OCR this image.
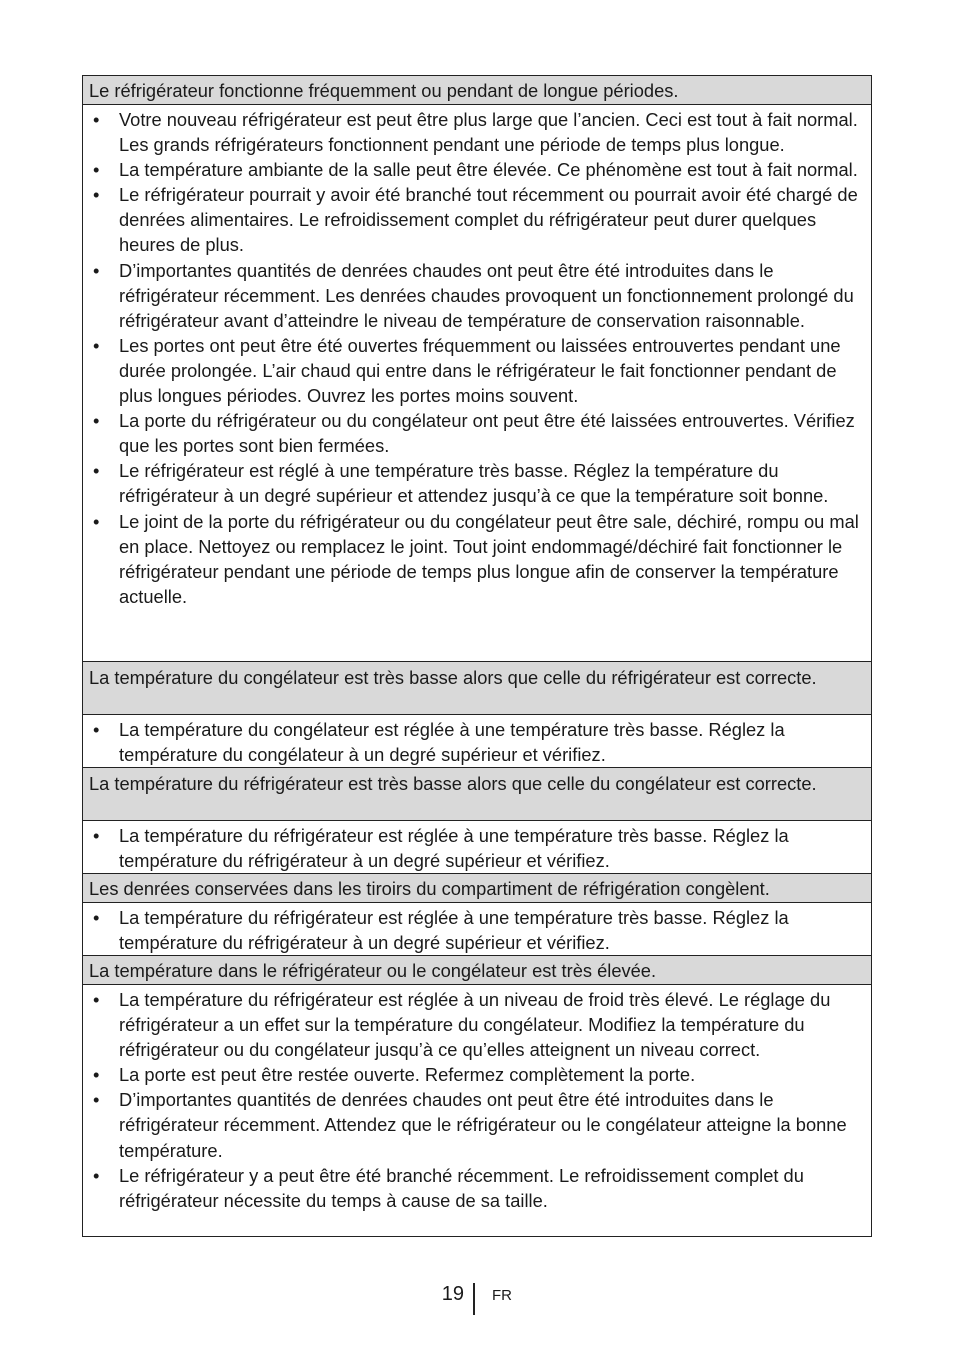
Le réfrigérateur fonctionne fréquemment ou pendant de longue périodes.
• Votre nouveau réfrigérateur est peut être plus large que l’ancien. Ceci est tout à fait normal. Les grands réfrigérateurs fonctionnent pendant une période de temps plus longue.
• La température ambiante de la salle peut être élevée. Ce phénomène est tout à fait normal.
• Le réfrigérateur pourrait y avoir été branché tout récemment ou pourrait avoir été chargé de denrées alimentaires. Le refroidissement complet du réfrigérateur peut durer quelques heures de plus.
• D’importantes quantités de denrées chaudes ont peut être été introduites dans le réfrigérateur récemment. Les denrées chaudes provoquent un fonctionnement prolongé du réfrigérateur avant d’atteindre le niveau de température de conservation raisonnable.
• Les portes ont peut être été ouvertes fréquemment ou laissées entrouvertes pendant une durée prolongée. L’air chaud qui entre dans le réfrigérateur le fait fonctionner pendant de plus longues périodes. Ouvrez les portes moins souvent.
• La porte du réfrigérateur ou du congélateur ont peut être été laissées entrouvertes. Vérifiez que les portes sont bien fermées.
• Le réfrigérateur est réglé à une température très basse. Réglez la température du réfrigérateur à un degré supérieur et attendez jusqu’à ce que la température soit bonne.
• Le joint de la porte du réfrigérateur ou du congélateur peut être sale, déchiré, rompu ou mal en place. Nettoyez ou remplacez le joint. Tout joint endommagé/déchiré fait fonctionner le réfrigérateur pendant une période de temps plus longue afin de conserver la température actuelle.
La température du congélateur est très basse alors que celle du réfrigérateur est correcte.
• La température du congélateur est réglée à une température très basse. Réglez la température du congélateur à un degré supérieur et vérifiez.
La température du réfrigérateur est très basse alors que celle du congélateur est correcte.
• La température du réfrigérateur est réglée à une température très basse. Réglez la température du réfrigérateur à un degré supérieur et vérifiez.
Les denrées conservées dans les tiroirs du compartiment de réfrigération congèlent.
• La température du réfrigérateur est réglée à une température très basse. Réglez la température du réfrigérateur à un degré supérieur et vérifiez.
La température dans le réfrigérateur ou le congélateur est très élevée.
• La température du réfrigérateur est réglée à un niveau de froid très élevé. Le réglage du réfrigérateur a un effet sur la température du congélateur. Modifiez la température du réfrigérateur ou du congélateur jusqu’à ce qu’elles atteignent un niveau correct.
• La porte est peut être restée ouverte. Refermez complètement la porte.
• D’importantes quantités de denrées chaudes ont peut être été introduites dans le réfrigérateur récemment. Attendez que le réfrigérateur ou le congélateur atteigne la bonne température.
• Le réfrigérateur y a peut être été branché récemment. Le refroidissement complet du réfrigérateur nécessite du temps à cause de sa taille.
19 FR
